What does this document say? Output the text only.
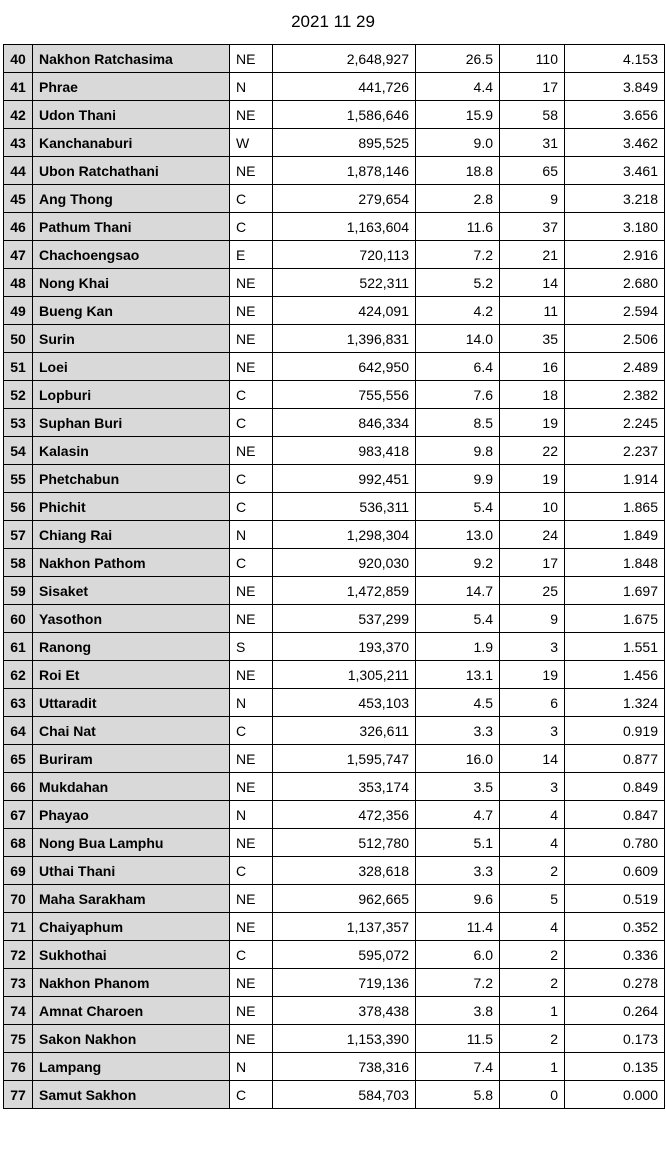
2021 11 29
40	Nakhon Ratchasima	NE	2,648,927	26.5	110	4.153
41	Phrae	N	441,726	4.4	17	3.849
42	Udon Thani	NE	1,586,646	15.9	58	3.656
43	Kanchanaburi	W	895,525	9.0	31	3.462
44	Ubon Ratchathani	NE	1,878,146	18.8	65	3.461
45	Ang Thong	C	279,654	2.8	9	3.218
46	Pathum Thani	C	1,163,604	11.6	37	3.180
47	Chachoengsao	E	720,113	7.2	21	2.916
48	Nong Khai	NE	522,311	5.2	14	2.680
49	Bueng Kan	NE	424,091	4.2	11	2.594
50	Surin	NE	1,396,831	14.0	35	2.506
51	Loei	NE	642,950	6.4	16	2.489
52	Lopburi	C	755,556	7.6	18	2.382
53	Suphan Buri	C	846,334	8.5	19	2.245
54	Kalasin	NE	983,418	9.8	22	2.237
55	Phetchabun	C	992,451	9.9	19	1.914
56	Phichit	C	536,311	5.4	10	1.865
57	Chiang Rai	N	1,298,304	13.0	24	1.849
58	Nakhon Pathom	C	920,030	9.2	17	1.848
59	Sisaket	NE	1,472,859	14.7	25	1.697
60	Yasothon	NE	537,299	5.4	9	1.675
61	Ranong	S	193,370	1.9	3	1.551
62	Roi Et	NE	1,305,211	13.1	19	1.456
63	Uttaradit	N	453,103	4.5	6	1.324
64	Chai Nat	C	326,611	3.3	3	0.919
65	Buriram	NE	1,595,747	16.0	14	0.877
66	Mukdahan	NE	353,174	3.5	3	0.849
67	Phayao	N	472,356	4.7	4	0.847
68	Nong Bua Lamphu	NE	512,780	5.1	4	0.780
69	Uthai Thani	C	328,618	3.3	2	0.609
70	Maha Sarakham	NE	962,665	9.6	5	0.519
71	Chaiyaphum	NE	1,137,357	11.4	4	0.352
72	Sukhothai	C	595,072	6.0	2	0.336
73	Nakhon Phanom	NE	719,136	7.2	2	0.278
74	Amnat Charoen	NE	378,438	3.8	1	0.264
75	Sakon Nakhon	NE	1,153,390	11.5	2	0.173
76	Lampang	N	738,316	7.4	1	0.135
77	Samut Sakhon	C	584,703	5.8	0	0.000
